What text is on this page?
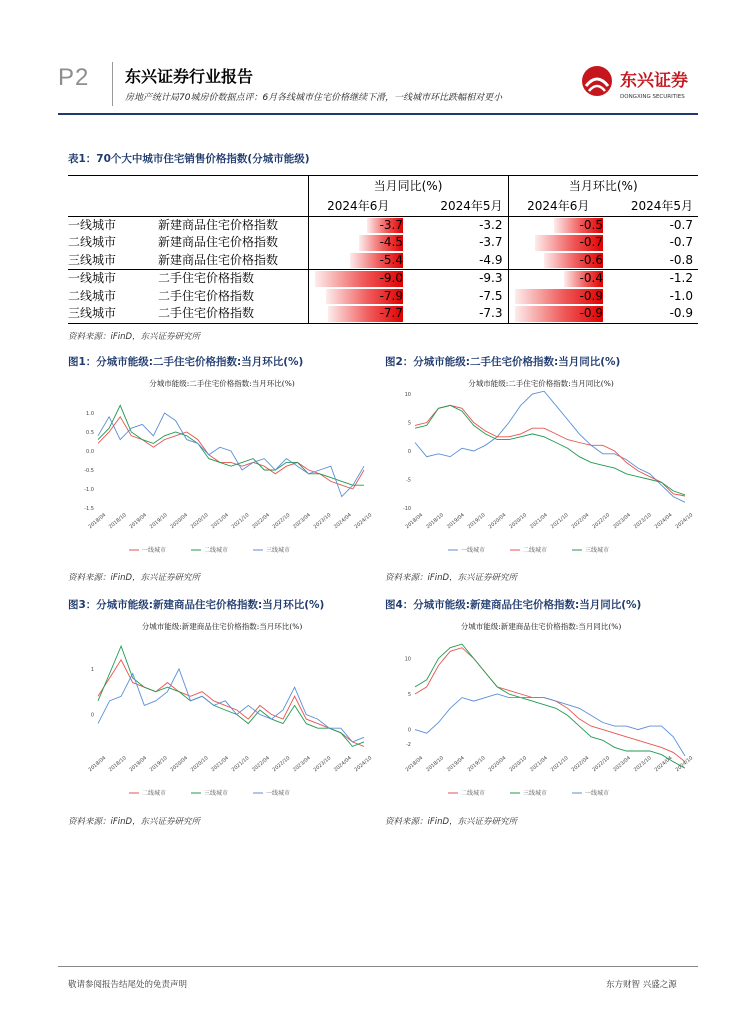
P2 东兴证券行业报告
房地产统计局70城房价数据点评：6月各线城市住宅价格继续下滑，一线城市环比跌幅相对更小
东兴证券
DONGXING SECURITIES
表1：70个大中城市住宅销售价格指数(分城市能级)
		当月同比(%)		当月环比(%)	
		2024年6月	2024年5月	2024年6月	2024年5月
一线城市	新建商品住宅价格指数	-3.7	-3.2	-0.5	-0.7
二线城市	新建商品住宅价格指数	-4.5	-3.7	-0.7	-0.7
三线城市	新建商品住宅价格指数	-5.4	-4.9	-0.6	-0.8
一线城市	二手住宅价格指数	-9.0	-9.3	-0.4	-1.2
二线城市	二手住宅价格指数	-7.9	-7.5	-0.9	-1.0
三线城市	二手住宅价格指数	-7.7	-7.3	-0.9	-0.9
资料来源：iFinD，东兴证券研究所
图1：分城市能级:二手住宅价格指数:当月环比(%)	图2：分城市能级:二手住宅价格指数:当月同比(%)
分城市能级:二手住宅价格指数:当月环比(%)
-1.5
-1.0
-0.5
0.0
0.5
1.0
2018/04 2018/10 2019/04 2019/10 2020/04 2020/10 2021/04 2021/10 2022/04 2022/10 2023/04 2023/10 2024/04 2024/10
一线城市	二线城市	三线城市
分城市能级:二手住宅价格指数:当月同比(%)
-10
-5
0
5
10
2018/04 2018/10 2019/04 2019/10 2020/04 2020/10 2021/04 2021/10 2022/04 2022/10 2023/04 2023/10 2024/04 2024/10
一线城市	二线城市	三线城市
资料来源：iFinD，东兴证券研究所	资料来源：iFinD，东兴证券研究所
图3：分城市能级:新建商品住宅价格指数:当月环比(%)	图4：分城市能级:新建商品住宅价格指数:当月同比(%)
分城市能级:新建商品住宅价格指数:当月环比(%)
0
1
2018/04 2018/10 2019/04 2019/10 2020/04 2020/10 2021/04 2021/10 2022/04 2022/10 2023/04 2023/10 2024/04 2024/10
二线城市	三线城市	一线城市
分城市能级:新建商品住宅价格指数:当月同比(%)
-2
0
5
10
2018/04 2018/10 2019/04 2019/10 2020/04 2020/10 2021/04 2021/10 2022/04 2022/10 2023/04 2023/10 2024/04 2024/10
二线城市	三线城市	一线城市
资料来源：iFinD，东兴证券研究所	资料来源：iFinD，东兴证券研究所
敬请参阅报告结尾处的免责声明	东方财智 兴盛之源
